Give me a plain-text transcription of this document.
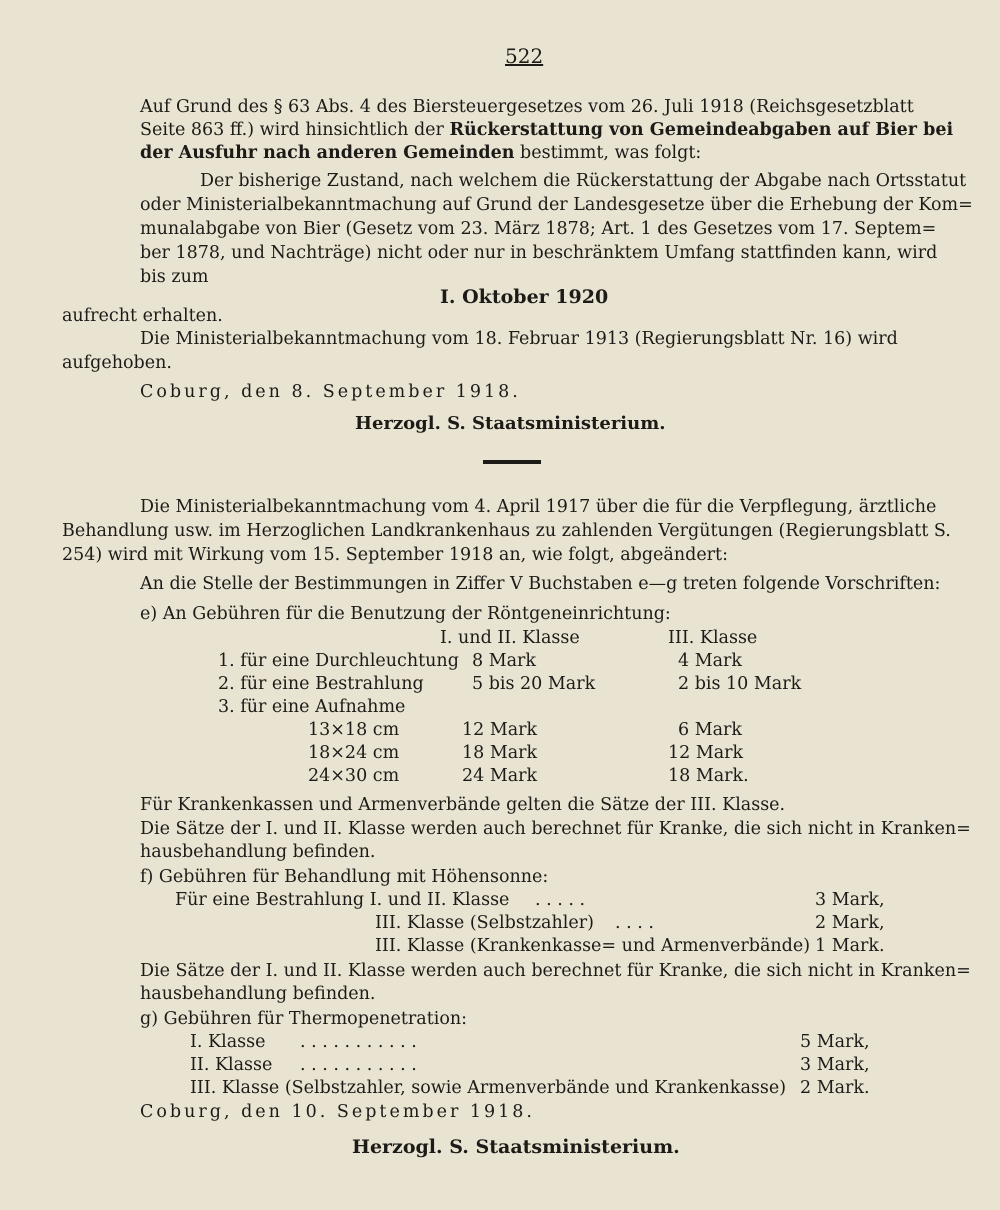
522
Auf Grund des § 63 Abs. 4 des Biersteuergesetzes vom 26. Juli 1918 (Reichsgesetzblatt
Seite 863 ff.) wird hinsichtlich der Rückerstattung von Gemeindeabgaben auf Bier bei
der Ausfuhr nach anderen Gemeinden bestimmt, was folgt:
Der bisherige Zustand, nach welchem die Rückerstattung der Abgabe nach Ortsstatut
oder Ministerialbekanntmachung auf Grund der Landesgesetze über die Erhebung der Kom=
munalabgabe von Bier (Gesetz vom 23. März 1878; Art. 1 des Gesetzes vom 17. Septem=
ber 1878, und Nachträge) nicht oder nur in beschränktem Umfang stattfinden kann, wird
bis zum
I. Oktober 1920
aufrecht erhalten.
Die Ministerialbekanntmachung vom 18. Februar 1913 (Regierungsblatt Nr. 16) wird
aufgehoben.
Coburg, den 8. September 1918.
Herzogl. S. Staatsministerium.
Die Ministerialbekanntmachung vom 4. April 1917 über die für die Verpflegung, ärztliche
Behandlung usw. im Herzoglichen Landkrankenhaus zu zahlenden Vergütungen (Regierungsblatt S.
254) wird mit Wirkung vom 15. September 1918 an, wie folgt, abgeändert:
An die Stelle der Bestimmungen in Ziffer V Buchstaben e—g treten folgende Vorschriften:
e) An Gebühren für die Benutzung der Röntgeneinrichtung:
I. und II. Klasse	III. Klasse
1. für eine Durchleuchtung 8 Mark	4 Mark
2. für eine Bestrahlung	5 bis 20 Mark	2 bis 10 Mark
3. für eine Aufnahme
13×18 cm	12 Mark	6 Mark
18×24 cm	18 Mark	12 Mark
24×30 cm	24 Mark	18 Mark.
Für Krankenkassen und Armenverbände gelten die Sätze der III. Klasse.
Die Sätze der I. und II. Klasse werden auch berechnet für Kranke, die sich nicht in Kranken=
hausbehandlung befinden.
f) Gebühren für Behandlung mit Höhensonne:
Für eine Bestrahlung I. und II. Klasse . . . . .	3 Mark,
III. Klasse (Selbstzahler) . . . .	2 Mark,
III. Klasse (Krankenkasse= und Armenverbände) 1 Mark.
Die Sätze der I. und II. Klasse werden auch berechnet für Kranke, die sich nicht in Kranken=
hausbehandlung befinden.
g) Gebühren für Thermopenetration:
I. Klasse . . . . . . . . . . .	5 Mark,
II. Klasse . . . . . . . . . . .	3 Mark,
III. Klasse (Selbstzahler, sowie Armenverbände und Krankenkasse) 2 Mark.
Coburg, den 10. September 1918.
Herzogl. S. Staatsministerium.
